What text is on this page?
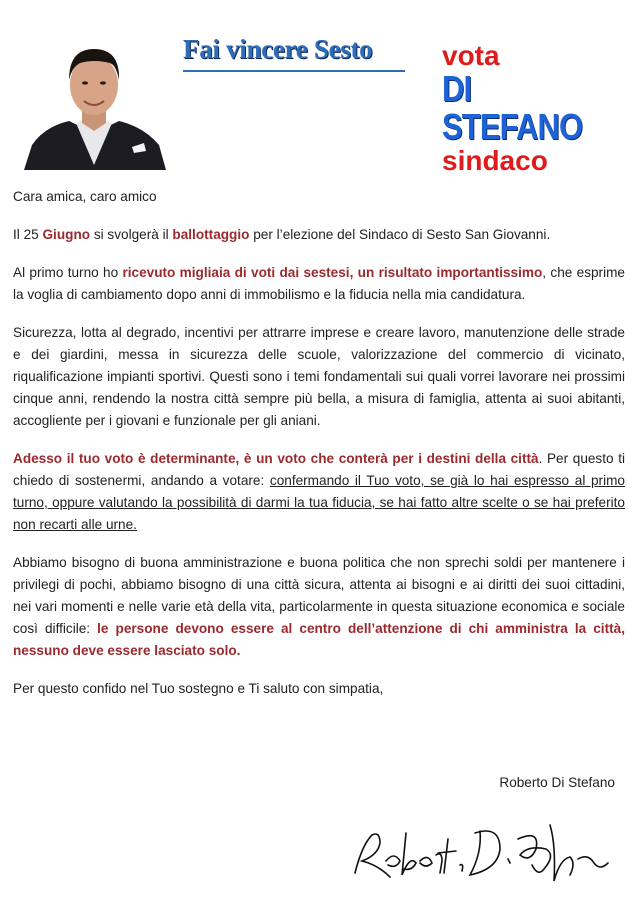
Fai vincere Sesto vota
DI STEFANO
sindaco

Cara amica, caro amico

Il 25 Giugno si svolgerà il ballottaggio per l’elezione del Sindaco di Sesto San Giovanni.

Al primo turno ho ricevuto migliaia di voti dai sestesi, un risultato importantissimo, che esprime la voglia di cambiamento dopo anni di immobilismo e la fiducia nella mia candidatura.

Sicurezza, lotta al degrado, incentivi per attrarre imprese e creare lavoro, manutenzione delle strade e dei giardini, messa in sicurezza delle scuole, valorizzazione del commercio di vicinato, riqualificazione impianti sportivi. Questi sono i temi fondamentali sui quali vorrei lavorare nei prossimi cinque anni, rendendo la nostra città sempre più bella, a misura di famiglia, attenta ai suoi abitanti, accogliente per i giovani e funzionale per gli aniani.

Adesso il tuo voto è determinante, è un voto che conterà per i destini della città. Per questo ti chiedo di sostenermi, andando a votare: confermando il Tuo voto, se già lo hai espresso al primo turno, oppure valutando la possibilità di darmi la tua fiducia, se hai fatto altre scelte o se hai preferito non recarti alle urne.

Abbiamo bisogno di buona amministrazione e buona politica che non sprechi soldi per mantenere i privilegi di pochi, abbiamo bisogno di una città sicura, attenta ai bisogni e ai diritti dei suoi cittadini, nei vari momenti e nelle varie età della vita, particolarmente in questa situazione economica e sociale così difficile: le persone devono essere al centro dell’attenzione di chi amministra la città, nessuno deve essere lasciato solo.

Per questo confido nel Tuo sostegno e Ti saluto con simpatia,

Roberto Di Stefano
